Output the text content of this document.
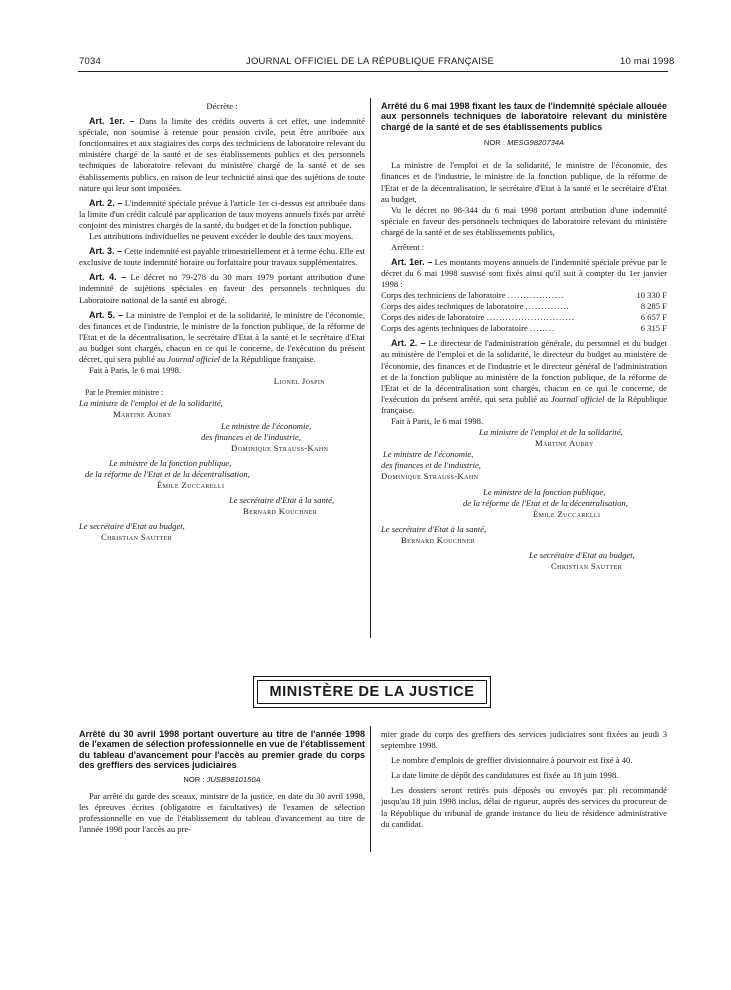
7034	JOURNAL OFFICIEL DE LA RÉPUBLIQUE FRANÇAISE	10 mai 1998

Décrète :

Art. 1er. – Dans la limite des crédits ouverts à cet effet, une indemnité spéciale, non soumise à retenue pour pension civile, peut être attribuée aux fonctionnaires et aux stagiaires des corps des techniciens de laboratoire relevant du ministère chargé de la santé et de ses établissements publics et des personnels techniques de laboratoire relevant du ministère chargé de la santé et de ses établissements publics, en raison de leur technicité ainsi que des sujétions de toute nature qui leur sont imposées.

Art. 2. – L'indemnité spéciale prévue à l'article 1er ci-dessus est attribuée dans la limite d'un crédit calculé par application de taux moyens annuels fixés par arrêté conjoint des ministres chargés de la santé, du budget et de la fonction publique.

Les attributions individuelles ne peuvent excéder le double des taux moyens.

Art. 3. – Cette indemnité est payable trimestriellement et à terme échu. Elle est exclusive de toute indemnité horaire ou forfaitaire pour travaux supplémentaires.

Art. 4. – Le décret no 79-278 du 30 mars 1979 portant attribution d'une indemnité de sujétions spéciales en faveur des personnels techniques du Laboratoire national de la santé est abrogé.

Art. 5. – La ministre de l'emploi et de la solidarité, le ministre de l'économie, des finances et de l'industrie, le ministre de la fonction publique, de la réforme de l'Etat et de la décentralisation, le secrétaire d'Etat à la santé et le secrétaire d'Etat au budget sont chargés, chacun en ce qui le concerne, de l'exécution du présent décret, qui sera publié au Journal officiel de la République française.

Fait à Paris, le 6 mai 1998.

Lionel Jospin

Par le Premier ministre :

La ministre de l'emploi et de la solidarité,

Martine Aubry

Le ministre de l'économie,

des finances et de l'industrie,

Dominique Strauss-Kahn

Le ministre de la fonction publique,

de la réforme de l'Etat et de la décentralisation,

Émile Zuccarelli

Le secrétaire d'Etat à la santé,

Bernard Kouchner

Le secrétaire d'Etat au budget,

Christian Sautter

Arrêté du 6 mai 1998 fixant les taux de l'indemnité spéciale allouée aux personnels techniques de laboratoire relevant du ministère chargé de la santé et de ses établissements publics
NOR : MESG9820734A

La ministre de l'emploi et de la solidarité, le ministre de l'économie, des finances et de l'industrie, le ministre de la fonction publique, de la réforme de l'Etat et de la décentralisation, le secrétaire d'Etat à la santé et le secrétaire d'Etat au budget,

Vu le décret no 98-344 du 6 mai 1998 portant attribution d'une indemnité spéciale en faveur des personnels techniques de laboratoire relevant du ministère chargé de la santé et de ses établissements publics,

Arrêtent :

Art. 1er. – Les montants moyens annuels de l'indemnité spéciale prévue par le décret du 6 mai 1998 susvisé sont fixés ainsi qu'il suit à compter du 1er janvier 1998 :

Corps des techniciens de laboratoire ..................	10 330 F
Corps des aides techniques de laboratoire ..............	8 285 F
Corps des aides de laboratoire ............................	6 657 F
Corps des agents techniques de laboratoire ........	6 315 F

Art. 2. – Le directeur de l'administration générale, du personnel et du budget au ministère de l'emploi et de la solidarité, le directeur du budget au ministère de l'économie, des finances et de l'industrie et le directeur général de l'administration et de la fonction publique au ministère de la fonction publique, de la réforme de l'Etat et de la décentralisation sont chargés, chacun en ce qui le concerne, de l'exécution du présent arrêté, qui sera publié au Journal officiel de la République française.

Fait à Paris, le 6 mai 1998.

La ministre de l'emploi et de la solidarité,

Martine Aubry

Le ministre de l'économie,

des finances et de l'industrie,

Dominique Strauss-Kahn

Le ministre de la fonction publique,

de la réforme de l'Etat et de la décentralisation,

Émile Zuccarelli

Le secrétaire d'Etat à la santé,

Bernard Kouchner

Le secrétaire d'Etat au budget,

Christian Sautter

MINISTÈRE DE LA JUSTICE
Arrêté du 30 avril 1998 portant ouverture au titre de l'année 1998 de l'examen de sélection professionnelle en vue de l'établissement du tableau d'avancement pour l'accès au premier grade du corps des greffiers des services judiciaires
NOR : JUSB9810150A

Par arrêté du garde des sceaux, ministre de la justice, en date du 30 avril 1998, les épreuves écrites (obligatoire et facultatives) de l'examen de sélection professionnelle en vue de l'établissement du tableau d'avancement au titre de l'année 1998 pour l'accès au pre-

mier grade du corps des greffiers des services judiciaires sont fixées au jeudi 3 septembre 1998.

Le nombre d'emplois de greffier divisionnaire à pourvoir est fixé à 40.

La date limite de dépôt des candidatures est fixée au 18 juin 1998.

Les dossiers seront retirés puis déposés ou envoyés par pli recommandé jusqu'au 18 juin 1998 inclus, délai de rigueur, auprès des services du procureur de la République du tribunal de grande instance du lieu de résidence administrative du candidat.
